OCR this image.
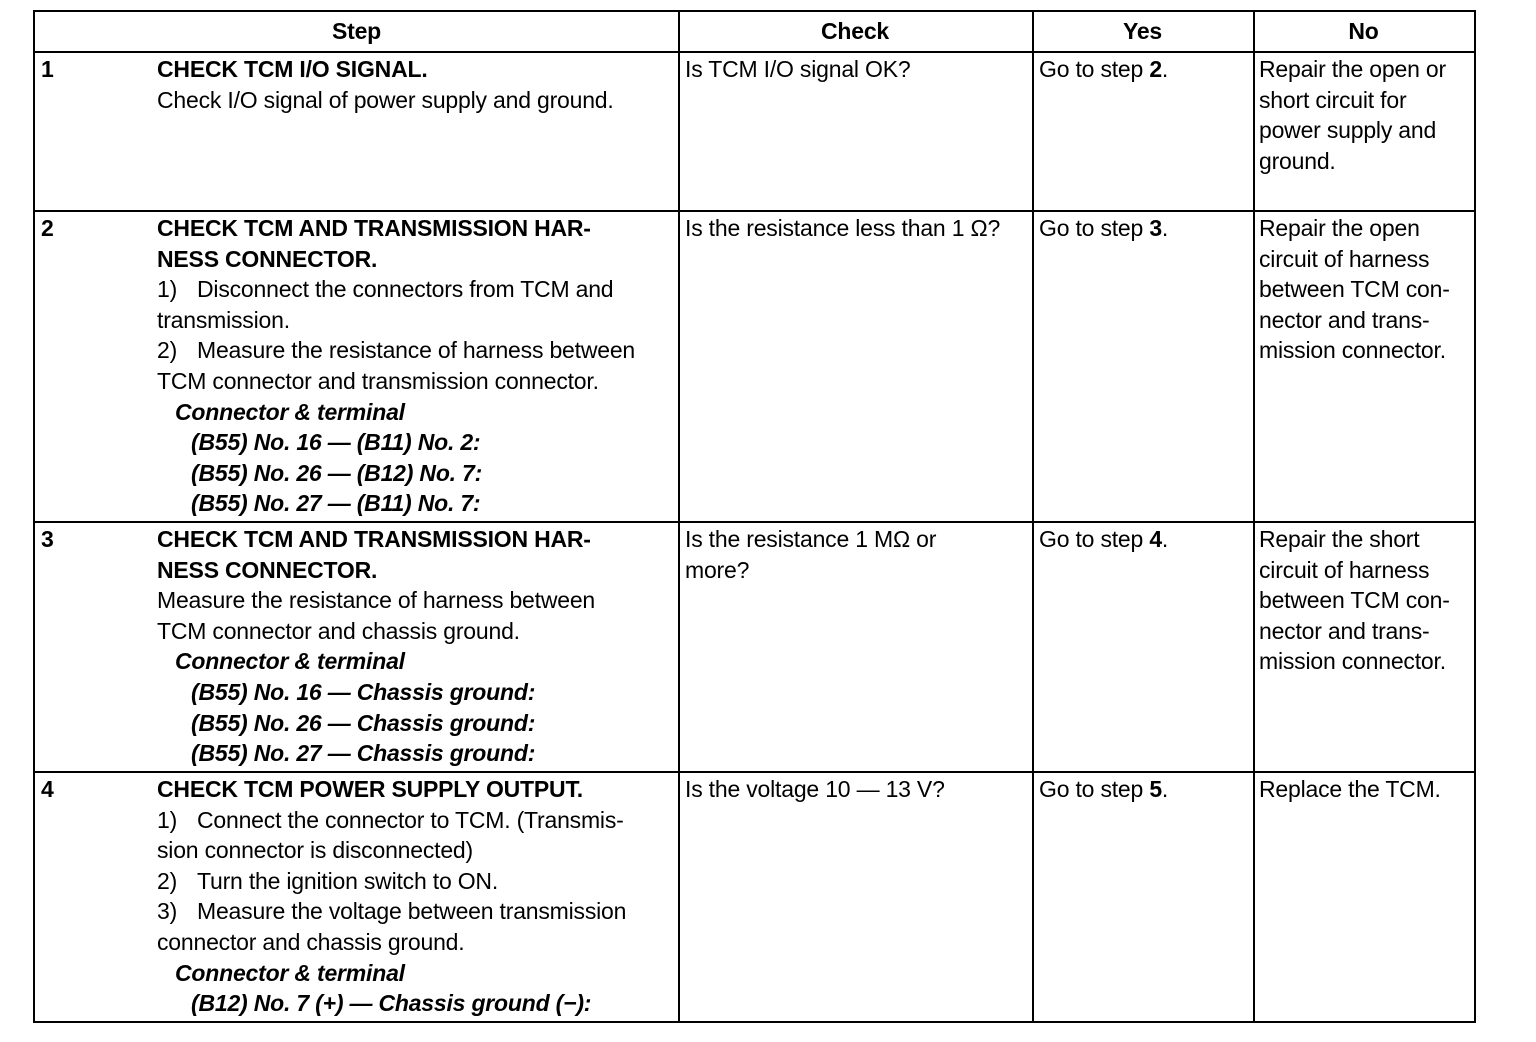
Step	Check	Yes	No
1	CHECK TCM I/O SIGNAL.
Check I/O signal of power supply and ground.
Is TCM I/O signal OK?	Go to step 2.	Repair the open or
short circuit for
power supply and
ground.
2	CHECK TCM AND TRANSMISSION HAR-
NESS CONNECTOR.
1) Disconnect the connectors from TCM and
transmission.
2) Measure the resistance of harness between
TCM connector and transmission connector.
Connector & terminal
(B55) No. 16 — (B11) No. 2:
(B55) No. 26 — (B12) No. 7:
(B55) No. 27 — (B11) No. 7:
Is the resistance less than 1 Ω?	Go to step 3.	Repair the open
circuit of harness
between TCM con-
nector and trans-
mission connector.
3	CHECK TCM AND TRANSMISSION HAR-
NESS CONNECTOR.
Measure the resistance of harness between
TCM connector and chassis ground.
Connector & terminal
(B55) No. 16 — Chassis ground:
(B55) No. 26 — Chassis ground:
(B55) No. 27 — Chassis ground:
Is the resistance 1 MΩ or
more?
Go to step 4.	Repair the short
circuit of harness
between TCM con-
nector and trans-
mission connector.
4	CHECK TCM POWER SUPPLY OUTPUT.
1) Connect the connector to TCM. (Transmis-
sion connector is disconnected)
2) Turn the ignition switch to ON.
3) Measure the voltage between transmission
connector and chassis ground.
Connector & terminal
(B12) No. 7 (+) — Chassis ground (−):
Is the voltage 10 — 13 V?	Go to step 5.	Replace the TCM.
